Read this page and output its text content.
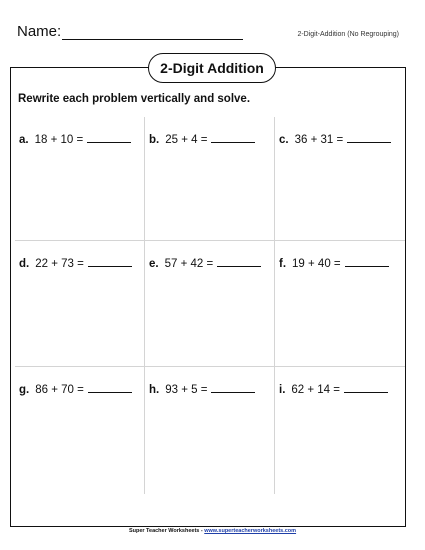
Name:	2-Digit-Addition (No Regrouping)
2-Digit Addition
Rewrite each problem vertically and solve.
a. 18 + 10 =	b. 25 + 4 =	c. 36 + 31 =
d. 22 + 73 =	e. 57 + 42 =	f. 19 + 40 =
g. 86 + 70 =	h. 93 + 5 =	i. 62 + 14 =
Super Teacher Worksheets - www.superteacherworksheets.com
